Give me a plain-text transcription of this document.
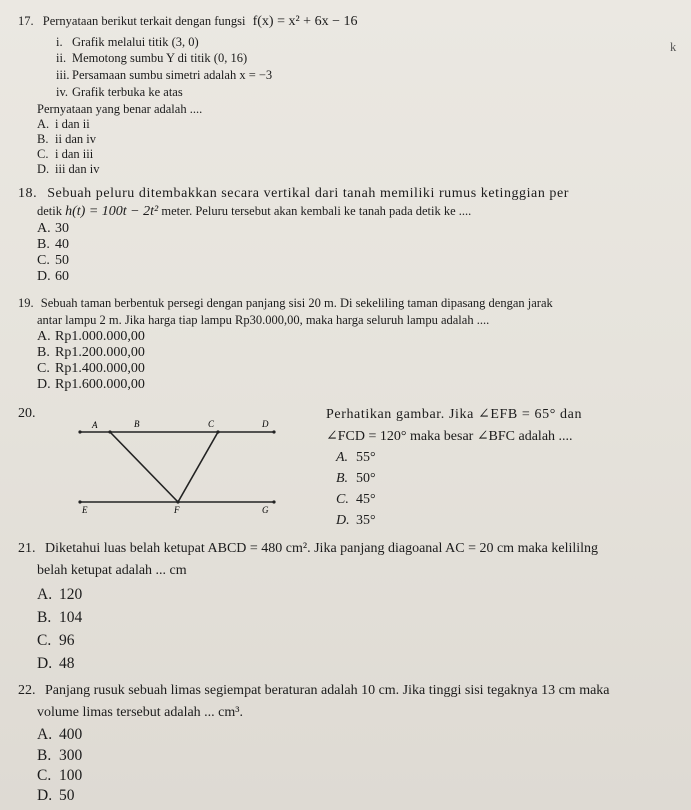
17. Pernyataan berikut terkait dengan fungsi f(x) = x² + 6x − 16
i. Grafik melalui titik (3, 0)
ii. Memotong sumbu Y di titik (0, 16)
iii. Persamaan sumbu simetri adalah x = −3
iv. Grafik terbuka ke atas
Pernyataan yang benar adalah ....
A. i dan ii
B. ii dan iv
C. i dan iii
D. iii dan iv
k
18. Sebuah peluru ditembakkan secara vertikal dari tanah memiliki rumus ketinggian per
detik h(t) = 100t − 2t² meter. Peluru tersebut akan kembali ke tanah pada detik ke ....
A. 30
B. 40
C. 50
D. 60
19. Sebuah taman berbentuk persegi dengan panjang sisi 20 m. Di sekeliling taman dipasang dengan jarak
antar lampu 2 m. Jika harga tiap lampu Rp30.000,00, maka harga seluruh lampu adalah ....
A. Rp1.000.000,00
B. Rp1.200.000,00
C. Rp1.400.000,00
D. Rp1.600.000,00
20.
A	B	C	D
E	F	G
Perhatikan gambar. Jika ∠EFB = 65° dan
∠FCD = 120° maka besar ∠BFC adalah ....
A. 55°
B. 50°
C. 45°
D. 35°
21. Diketahui luas belah ketupat ABCD = 480 cm². Jika panjang diagoanal AC = 20 cm maka kelililng
belah ketupat adalah ... cm
A. 120
B. 104
C. 96
D. 48
22. Panjang rusuk sebuah limas segiempat beraturan adalah 10 cm. Jika tinggi sisi tegaknya 13 cm maka
volume limas tersebut adalah ... cm³.
A. 400
B. 300
C. 100
D. 50
